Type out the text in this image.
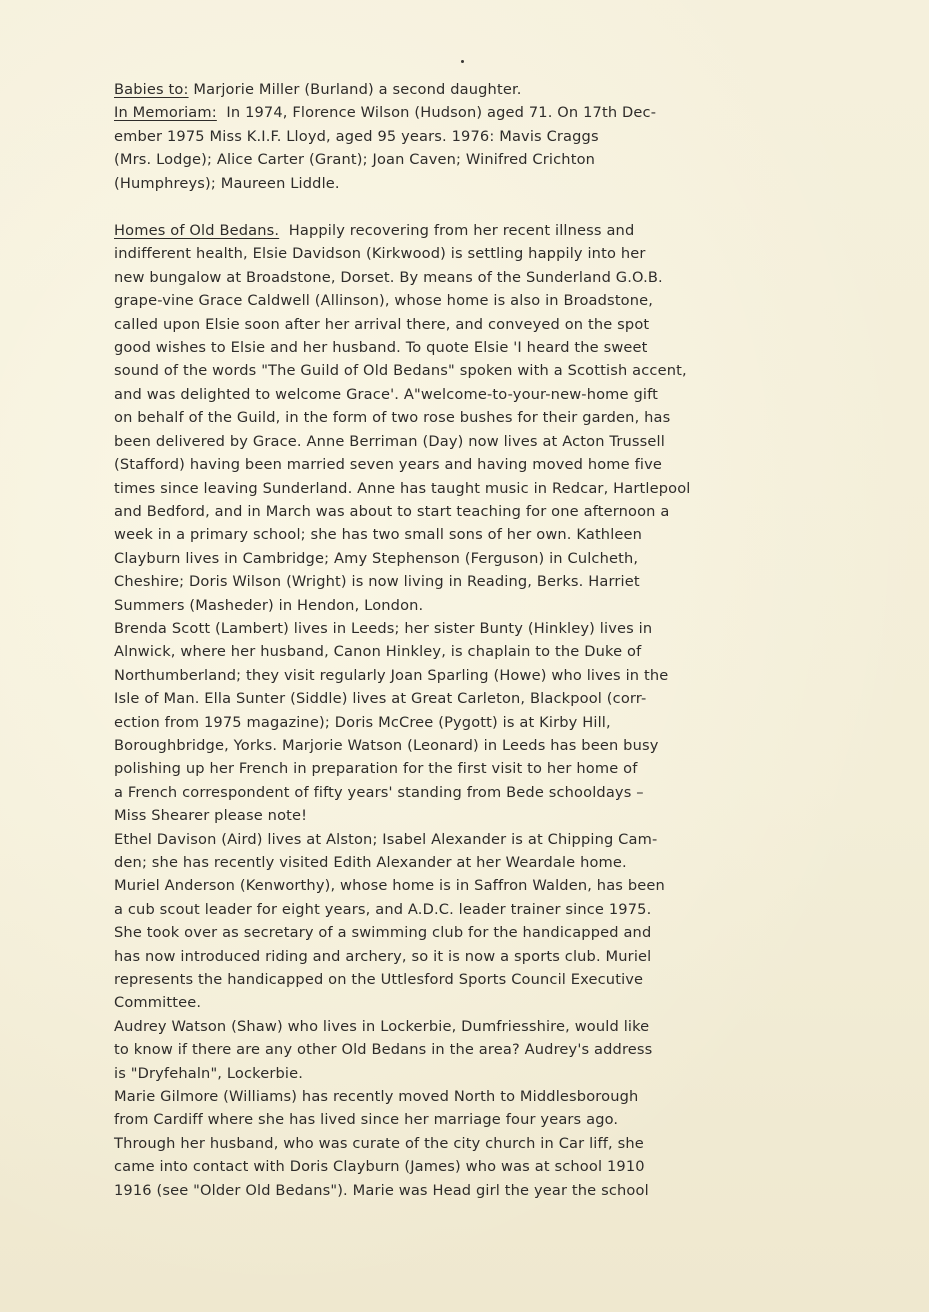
Babies to: Marjorie Miller (Burland) a second daughter.

In Memoriam: In 1974, Florence Wilson (Hudson) aged 71. On 17th Dec-

ember 1975 Miss K.I.F. Lloyd, aged 95 years. 1976: Mavis Craggs

(Mrs. Lodge); Alice Carter (Grant); Joan Caven; Winifred Crichton

(Humphreys); Maureen Liddle.

Homes of Old Bedans. Happily recovering from her recent illness and

indifferent health, Elsie Davidson (Kirkwood) is settling happily into her

new bungalow at Broadstone, Dorset. By means of the Sunderland G.O.B.

grape-vine Grace Caldwell (Allinson), whose home is also in Broadstone,

called upon Elsie soon after her arrival there, and conveyed on the spot

good wishes to Elsie and her husband. To quote Elsie 'I heard the sweet

sound of the words "The Guild of Old Bedans" spoken with a Scottish accent,

and was delighted to welcome Grace'. A"welcome-to-your-new-home gift

on behalf of the Guild, in the form of two rose bushes for their garden, has

been delivered by Grace. Anne Berriman (Day) now lives at Acton Trussell

(Stafford) having been married seven years and having moved home five

times since leaving Sunderland. Anne has taught music in Redcar, Hartlepool

and Bedford, and in March was about to start teaching for one afternoon a

week in a primary school; she has two small sons of her own. Kathleen

Clayburn lives in Cambridge; Amy Stephenson (Ferguson) in Culcheth,

Cheshire; Doris Wilson (Wright) is now living in Reading, Berks. Harriet

Summers (Masheder) in Hendon, London.

Brenda Scott (Lambert) lives in Leeds; her sister Bunty (Hinkley) lives in

Alnwick, where her husband, Canon Hinkley, is chaplain to the Duke of

Northumberland; they visit regularly Joan Sparling (Howe) who lives in the

Isle of Man. Ella Sunter (Siddle) lives at Great Carleton, Blackpool (corr-

ection from 1975 magazine); Doris McCree (Pygott) is at Kirby Hill,

Boroughbridge, Yorks. Marjorie Watson (Leonard) in Leeds has been busy

polishing up her French in preparation for the first visit to her home of

a French correspondent of fifty years' standing from Bede schooldays –

Miss Shearer please note!

Ethel Davison (Aird) lives at Alston; Isabel Alexander is at Chipping Cam-

den; she has recently visited Edith Alexander at her Weardale home.

Muriel Anderson (Kenworthy), whose home is in Saffron Walden, has been

a cub scout leader for eight years, and A.D.C. leader trainer since 1975.

She took over as secretary of a swimming club for the handicapped and

has now introduced riding and archery, so it is now a sports club. Muriel

represents the handicapped on the Uttlesford Sports Council Executive

Committee.

Audrey Watson (Shaw) who lives in Lockerbie, Dumfriesshire, would like

to know if there are any other Old Bedans in the area? Audrey's address

is "Dryfehaln", Lockerbie.

Marie Gilmore (Williams) has recently moved North to Middlesborough

from Cardiff where she has lived since her marriage four years ago.

Through her husband, who was curate of the city church in Car liff, she

came into contact with Doris Clayburn (James) who was at school 1910

1916 (see "Older Old Bedans"). Marie was Head girl the year the school
